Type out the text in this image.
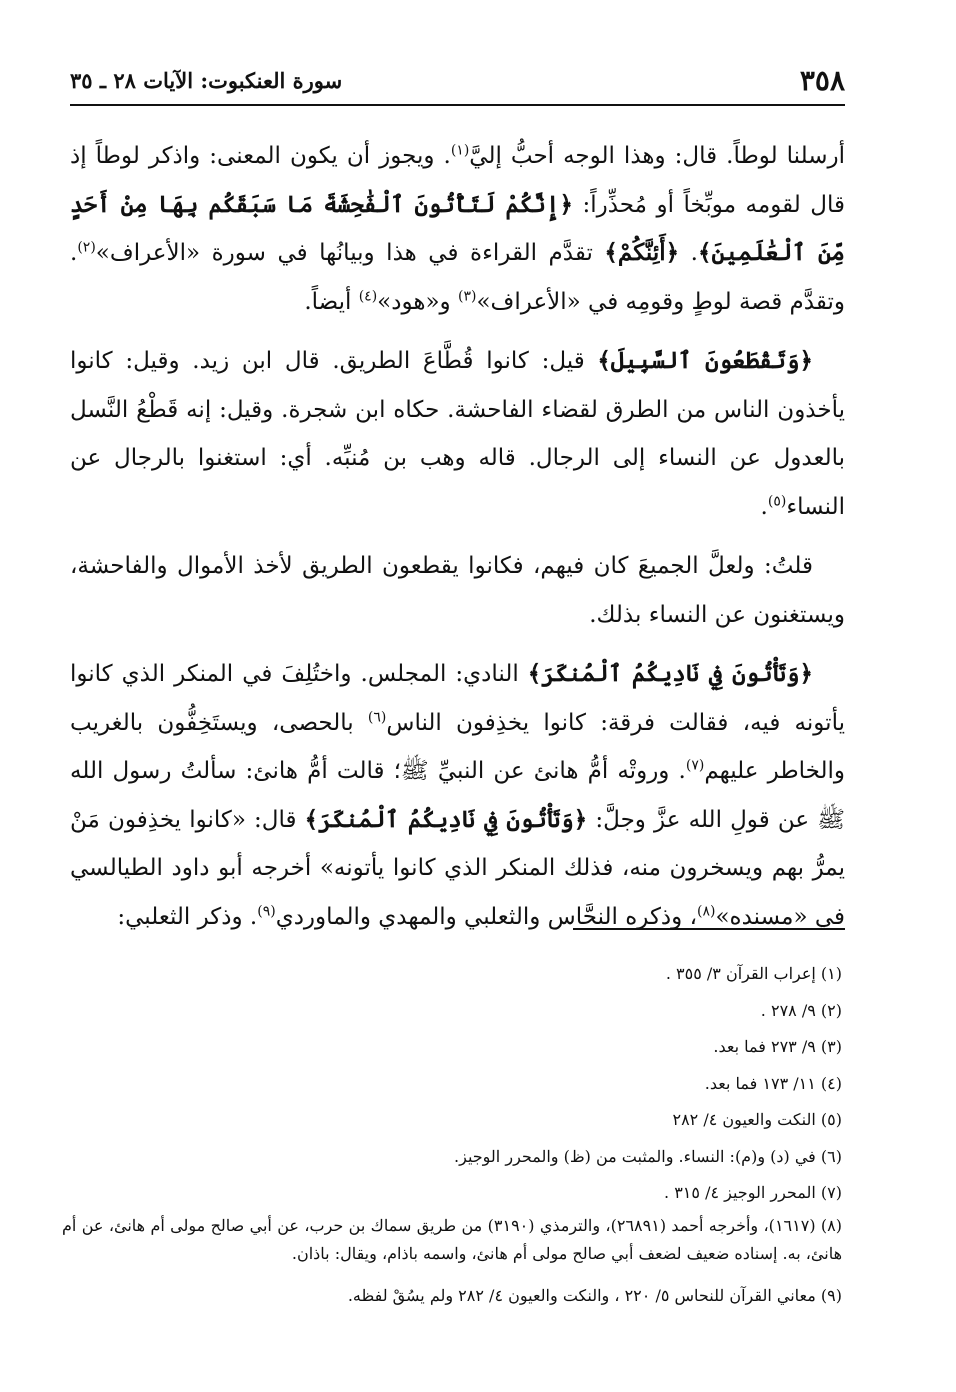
٣٥٨
سورة العنكبوت: الآيات ٢٨ ـ ٣٥

أرسلنا لوطاً. قال: وهذا الوجه أحبُّ إليَّ$^{(١)}$. ويجوز أن يكون المعنى: واذكر لوطاً إذ قال لقومه موبِّخاً أو مُحذِّراً: ﴿إِنَّكُمْ لَتَأْتُونَ ٱلْفَٰحِشَةَ مَا سَبَقَكُم بِهَا مِنْ أَحَدٍ مِّنَ ٱلْعَٰلَمِينَ﴾. ﴿أَئِنَّكُمْ﴾ تقدَّم القراءة في هذا وبيانُها في سورة «الأعراف»$^{(٢)}$. وتقدَّم قصة لوطٍ وقومِه في «الأعراف»$^{(٣)}$ و«هود»$^{(٤)}$ أيضاً.

﴿وَتَقْطَعُونَ ٱلسَّبِيلَ﴾ قيل: كانوا قُطَّاعَ الطريق. قال ابن زيد. وقيل: كانوا يأخذون الناس من الطرق لقضاء الفاحشة. حكاه ابن شجرة. وقيل: إنه قَطْعُ النَّسل بالعدول عن النساء إلى الرجال. قاله وهب بن مُنبِّه. أي: استغنوا بالرجال عن النساء$^{(٥)}$.

قلتُ: ولعلَّ الجميعَ كان فيهم، فكانوا يقطعون الطريق لأخذ الأموال والفاحشة، ويستغنون عن النساء بذلك.

﴿وَتَأْتُونَ فِي نَادِيكُمُ ٱلْمُنكَرَ﴾ النادي: المجلس. واختُلِفَ في المنكر الذي كانوا يأتونه فيه، فقالت فرقة: كانوا يخذِفون الناس$^{(٦)}$ بالحصى، ويستَخِفُّون بالغريب والخاطر عليهم$^{(٧)}$. وروتْه أمُّ هانئ عن النبيِّ ﷺ؛ قالت أمُّ هانئ: سألتُ رسول الله ﷺ عن قولِ الله عزَّ وجلَّ: ﴿وَتَأْتُونَ فِي نَادِيكُمُ ٱلْمُنكَرَ﴾ قال: «كانوا يخذِفون مَنْ يمرُّ بهم ويسخرون منه، فذلك المنكر الذي كانوا يأتونه» أخرجه أبو داود الطيالسي في «مسنده»$^{(٨)}$، وذكره النحَّاس والثعلبي والمهدي والماوردي$^{(٩)}$. وذكر الثعلبي:

(١) إعراب القرآن ٣/ ٣٥٥ .

(٢) ٩/ ٢٧٨ .

(٣) ٩/ ٢٧٣ فما بعد.

(٤) ١١/ ١٧٣ فما بعد.

(٥) النكت والعيون ٤/ ٢٨٢

(٦) في (د) و(م): النساء. والمثبت من (ظ) والمحرر الوجيز.

(٧) المحرر الوجيز ٤/ ٣١٥ .

(٨) (١٦١٧)، وأخرجه أحمد (٢٦٨٩١)، والترمذي (٣١٩٠) من طريق سماك بن حرب، عن أبي صالح مولى أم هانئ، عن أم هانئ، به. إسناده ضعيف لضعف أبي صالح مولى أم هانئ، واسمه باذام، ويقال: باذان.

(٩) معاني القرآن للنحاس ٥/ ٢٢٠ ، والنكت والعيون ٤/ ٢٨٢ ولم يسُقْ لفظه.
